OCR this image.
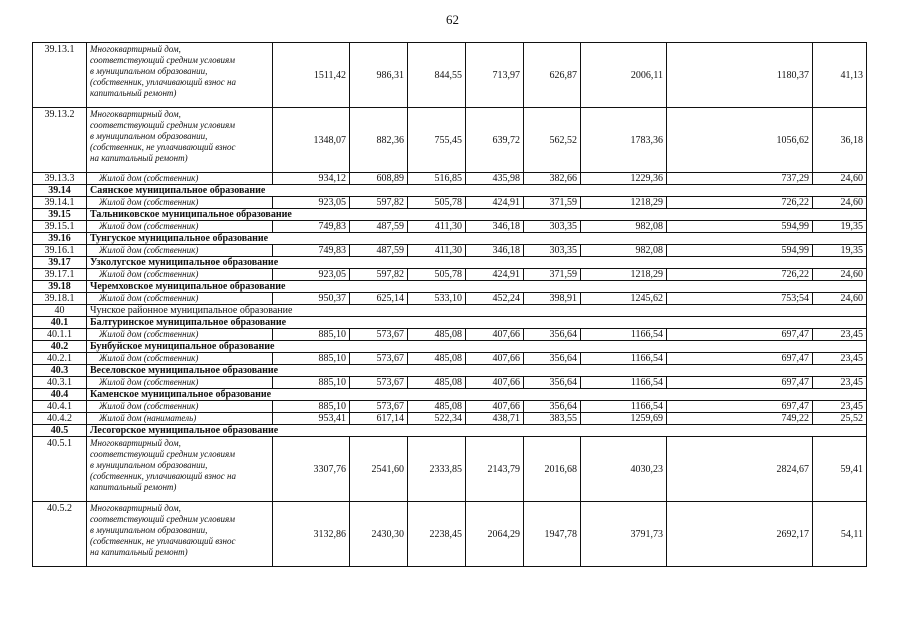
62
39.13.1	Многоквартирный дом,
соответствующий средним условиям
в муниципальном образовании,
(собственник, уплачивающий взнос на
капитальный ремонт)	1511,42	986,31	844,55	713,97	626,87	2006,11	1180,37	41,13
39.13.2	Многоквартирный дом,
соответствующий средним условиям
в муниципальном образовании,
(собственник, не уплачивающий взнос
на капитальный ремонт)	1348,07	882,36	755,45	639,72	562,52	1783,36	1056,62	36,18
39.13.3	Жилой дом (собственник)	934,12	608,89	516,85	435,98	382,66	1229,36	737,29	24,60
39.14	Саянское муниципальное образование								
39.14.1	Жилой дом (собственник)	923,05	597,82	505,78	424,91	371,59	1218,29	726,22	24,60
39.15	Тальниковское муниципальное образование								
39.15.1	Жилой дом (собственник)	749,83	487,59	411,30	346,18	303,35	982,08	594,99	19,35
39.16	Тунгуское муниципальное образование								
39.16.1	Жилой дом (собственник)	749,83	487,59	411,30	346,18	303,35	982,08	594,99	19,35
39.17	Узколугское муниципальное образование								
39.17.1	Жилой дом (собственник)	923,05	597,82	505,78	424,91	371,59	1218,29	726,22	24,60
39.18	Черемховское муниципальное образование								
39.18.1	Жилой дом (собственник)	950,37	625,14	533,10	452,24	398,91	1245,62	753;54	24,60
40	Чунское районное муниципальное образование								
40.1	Балтуринское муниципальное образование								
40.1.1	Жилой дом (собственник)	885,10	573,67	485,08	407,66	356,64	1166,54	697,47	23,45
40.2	Бунбуйское муниципальное образование								
40.2.1	Жилой дом (собственник)	885,10	573,67	485,08	407,66	356,64	1166,54	697,47	23,45
40.3	Веселовское муниципальное образование								
40.3.1	Жилой дом (собственник)	885,10	573,67	485,08	407,66	356,64	1166,54	697,47	23,45
40.4	Каменское муниципальное образование								
40.4.1	Жилой дом (собственник)	885,10	573,67	485,08	407,66	356,64	1166,54	697,47	23,45
40.4.2	Жилой дом (наниматель)	953,41	617,14	522,34	438,71	383,55	1259,69	749,22	25,52
40.5	Лесогорское муниципальное образование								
40.5.1	Многоквартирный дом,
соответствующий средним условиям
в муниципальном образовании,
(собственник, уплачивающий взнос на
капитальный ремонт)	3307,76	2541,60	2333,85	2143,79	2016,68	4030,23	2824,67	59,41
40.5.2	Многоквартирный дом,
соответствующий средним условиям
в муниципальном образовании,
(собственник, не уплачивающий взнос
на капитальный ремонт)	3132,86	2430,30	2238,45	2064,29	1947,78	3791,73	2692,17	54,11
